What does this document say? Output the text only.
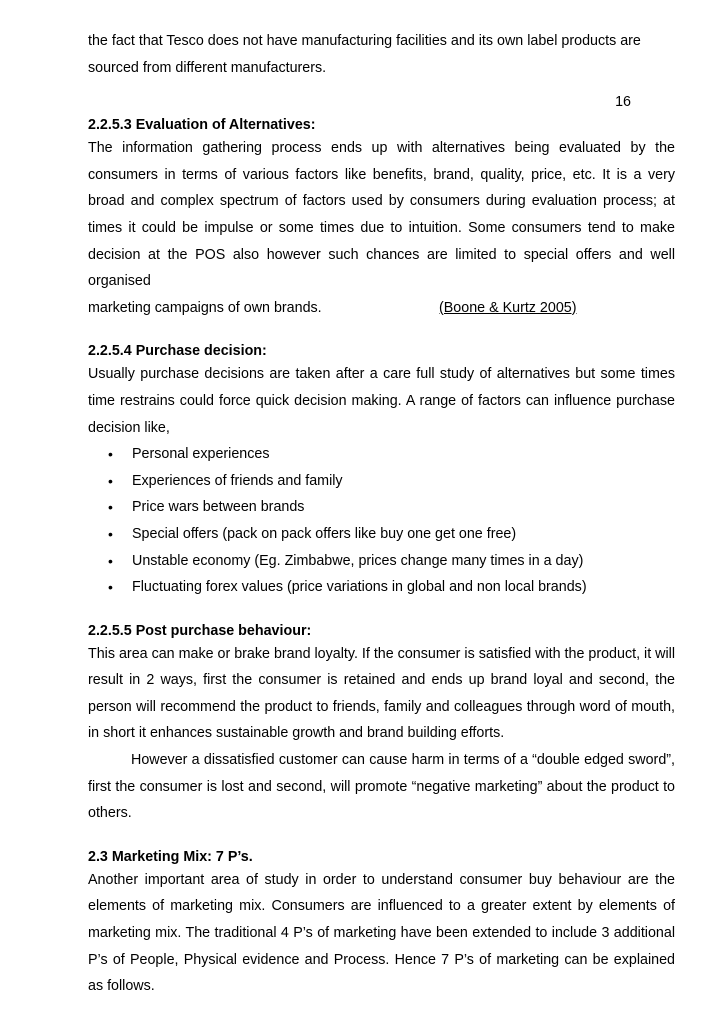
the fact that Tesco does not have manufacturing facilities and its own label products are

sourced from different manufacturers.

16
2.2.5.3 Evaluation of Alternatives:

The information gathering process ends up with alternatives being evaluated by the consumers in terms of various factors like benefits, brand, quality, price, etc. It is a very broad and complex spectrum of factors used by consumers during evaluation process; at times it could be impulse or some times due to intuition. Some consumers tend to make decision at the POS also however such chances are limited to special offers and well organised

marketing campaigns of own brands.	(Boone & Kurtz 2005)

2.2.5.4 Purchase decision:

Usually purchase decisions are taken after a care full study of alternatives but some times time restrains could force quick decision making. A range of factors can influence purchase decision like,

• Personal experiences
• Experiences of friends and family
• Price wars between brands
• Special offers (pack on pack offers like buy one get one free)
• Unstable economy (Eg. Zimbabwe, prices change many times in a day)
• Fluctuating forex values (price variations in global and non local brands)
2.2.5.5 Post purchase behaviour:

This area can make or brake brand loyalty. If the consumer is satisfied with the product, it will result in 2 ways, first the consumer is retained and ends up brand loyal and second, the person will recommend the product to friends, family and colleagues through word of mouth, in short it enhances sustainable growth and brand building efforts.

However a dissatisfied customer can cause harm in terms of a “double edged sword”, first the consumer is lost and second, will promote “negative marketing” about the product to others.

2.3 Marketing Mix: 7 P’s.

Another important area of study in order to understand consumer buy behaviour are the elements of marketing mix. Consumers are influenced to a greater extent by elements of marketing mix. The traditional 4 P’s of marketing have been extended to include 3 additional P’s of People, Physical evidence and Process. Hence 7 P’s of marketing can be explained as follows.
